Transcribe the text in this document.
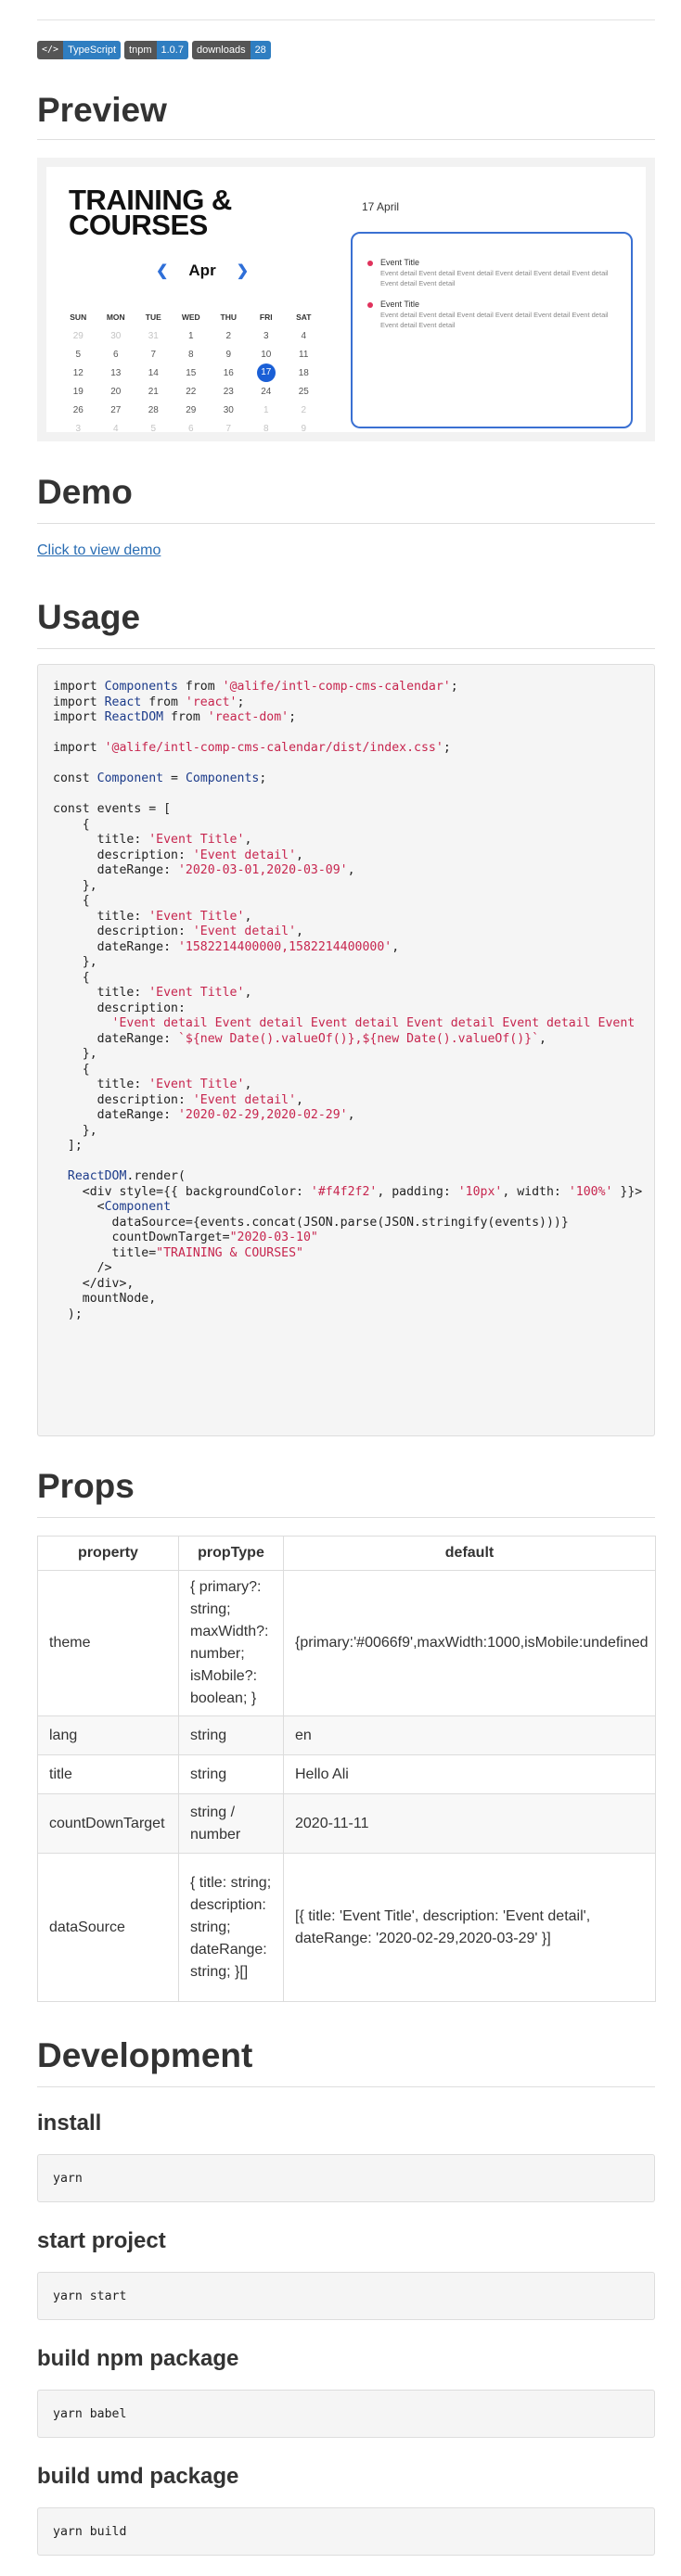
</> TypeScript	tnpm 1.0.7	downloads 28
Preview
TRAINING & COURSES
❮ Apr ❯
SUN	MON	TUE	WED	THU	FRI	SAT
29	30	31	1	2	3	4
5	6	7	8	9	10	11
12	13	14	15	16	17	18
19	20	21	22	23	24	25
26	27	28	29	30	1	2
3	4	5	6	7	8	9
17 April
Event Title
Event detail Event detail Event detail Event detail Event detail Event detail Event detail Event detail
Event Title
Event detail Event detail Event detail Event detail Event detail Event detail Event detail Event detail
Demo
Click to view demo
Usage
import Components from '@alife/intl-comp-cms-calendar';
import React from 'react';
import ReactDOM from 'react-dom';
import '@alife/intl-comp-cms-calendar/dist/index.css';
const Component = Components;
const events = [
{
title: 'Event Title',
description: 'Event detail',
dateRange: '2020-03-01,2020-03-09',
},
{
title: 'Event Title',
description: 'Event detail',
dateRange: '1582214400000,1582214400000',
},
{
title: 'Event Title',
description:
'Event detail Event detail Event detail Event detail Event detail Event
dateRange: `${new Date().valueOf()},${new Date().valueOf()}`,
},
{
title: 'Event Title',
description: 'Event detail',
dateRange: '2020-02-29,2020-02-29',
},
];
ReactDOM.render(
<div style={{ backgroundColor: '#f4f2f2', padding: '10px', width: '100%' }}>
<Component
dataSource={events.concat(JSON.parse(JSON.stringify(events)))}
countDownTarget="2020-03-10"
title="TRAINING & COURSES"
/>
</div>,
mountNode,
);
Props
property	propType	default
theme	{ primary?: string; maxWidth?: number; isMobile?: boolean; }	{primary:'#0066f9',maxWidth:1000,isMobile:undefined
lang	string	en
title	string	Hello Ali
countDownTarget	string / number	2020-11-11
dataSource	{ title: string; description: string; dateRange: string; }[]	[{ title: 'Event Title', description: 'Event detail', dateRange: '2020-02-29,2020-03-29' }]
Development
install
yarn
start project
yarn start
build npm package
yarn babel
build umd package
yarn build
